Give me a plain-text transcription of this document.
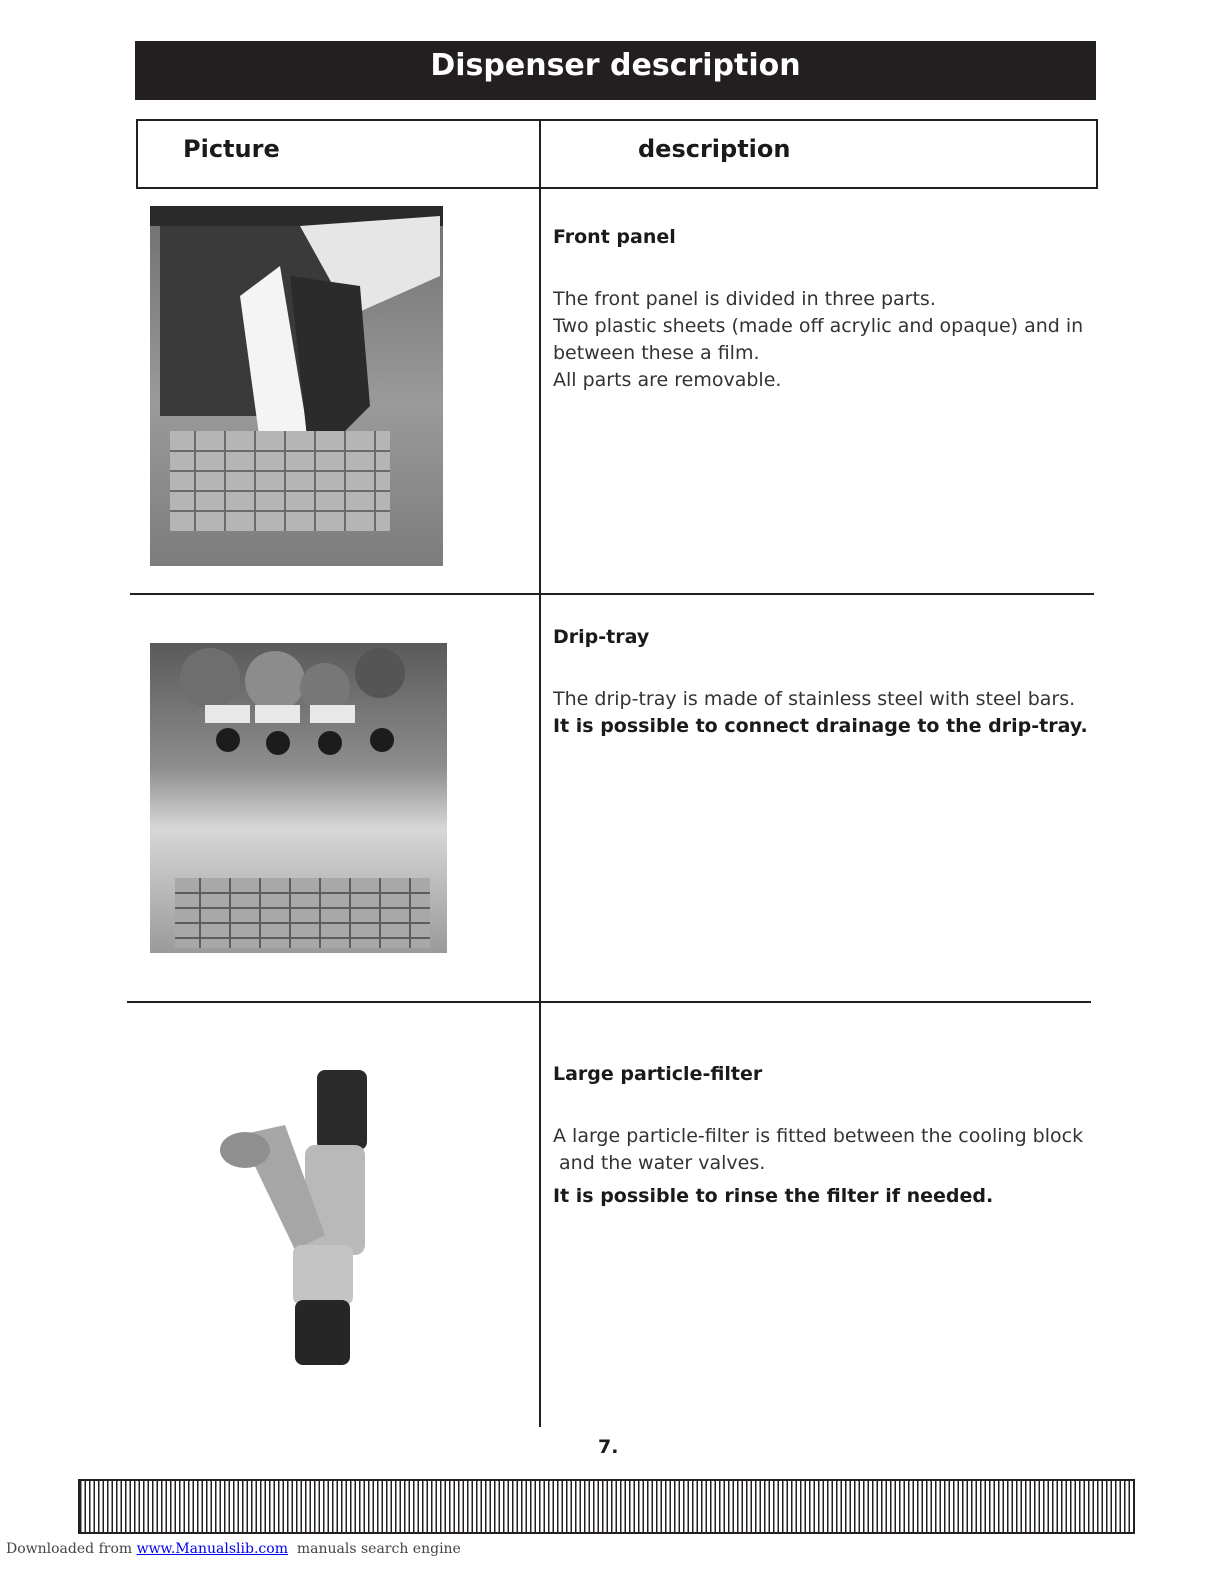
Dispenser description
Picture	description
Front panel

The front panel is divided in three parts.

Two plastic sheets (made off acrylic and opaque) and in between these a film.

All parts are removable.

Drip-tray

The drip-tray is made of stainless steel with steel bars.

It is possible to connect drainage to the drip-tray.

Large particle-filter

A large particle-filter is fitted between the cooling block

and the water valves.

It is possible to rinse the filter if needed.

7.
Downloaded from www.Manualslib.com  manuals search engine
